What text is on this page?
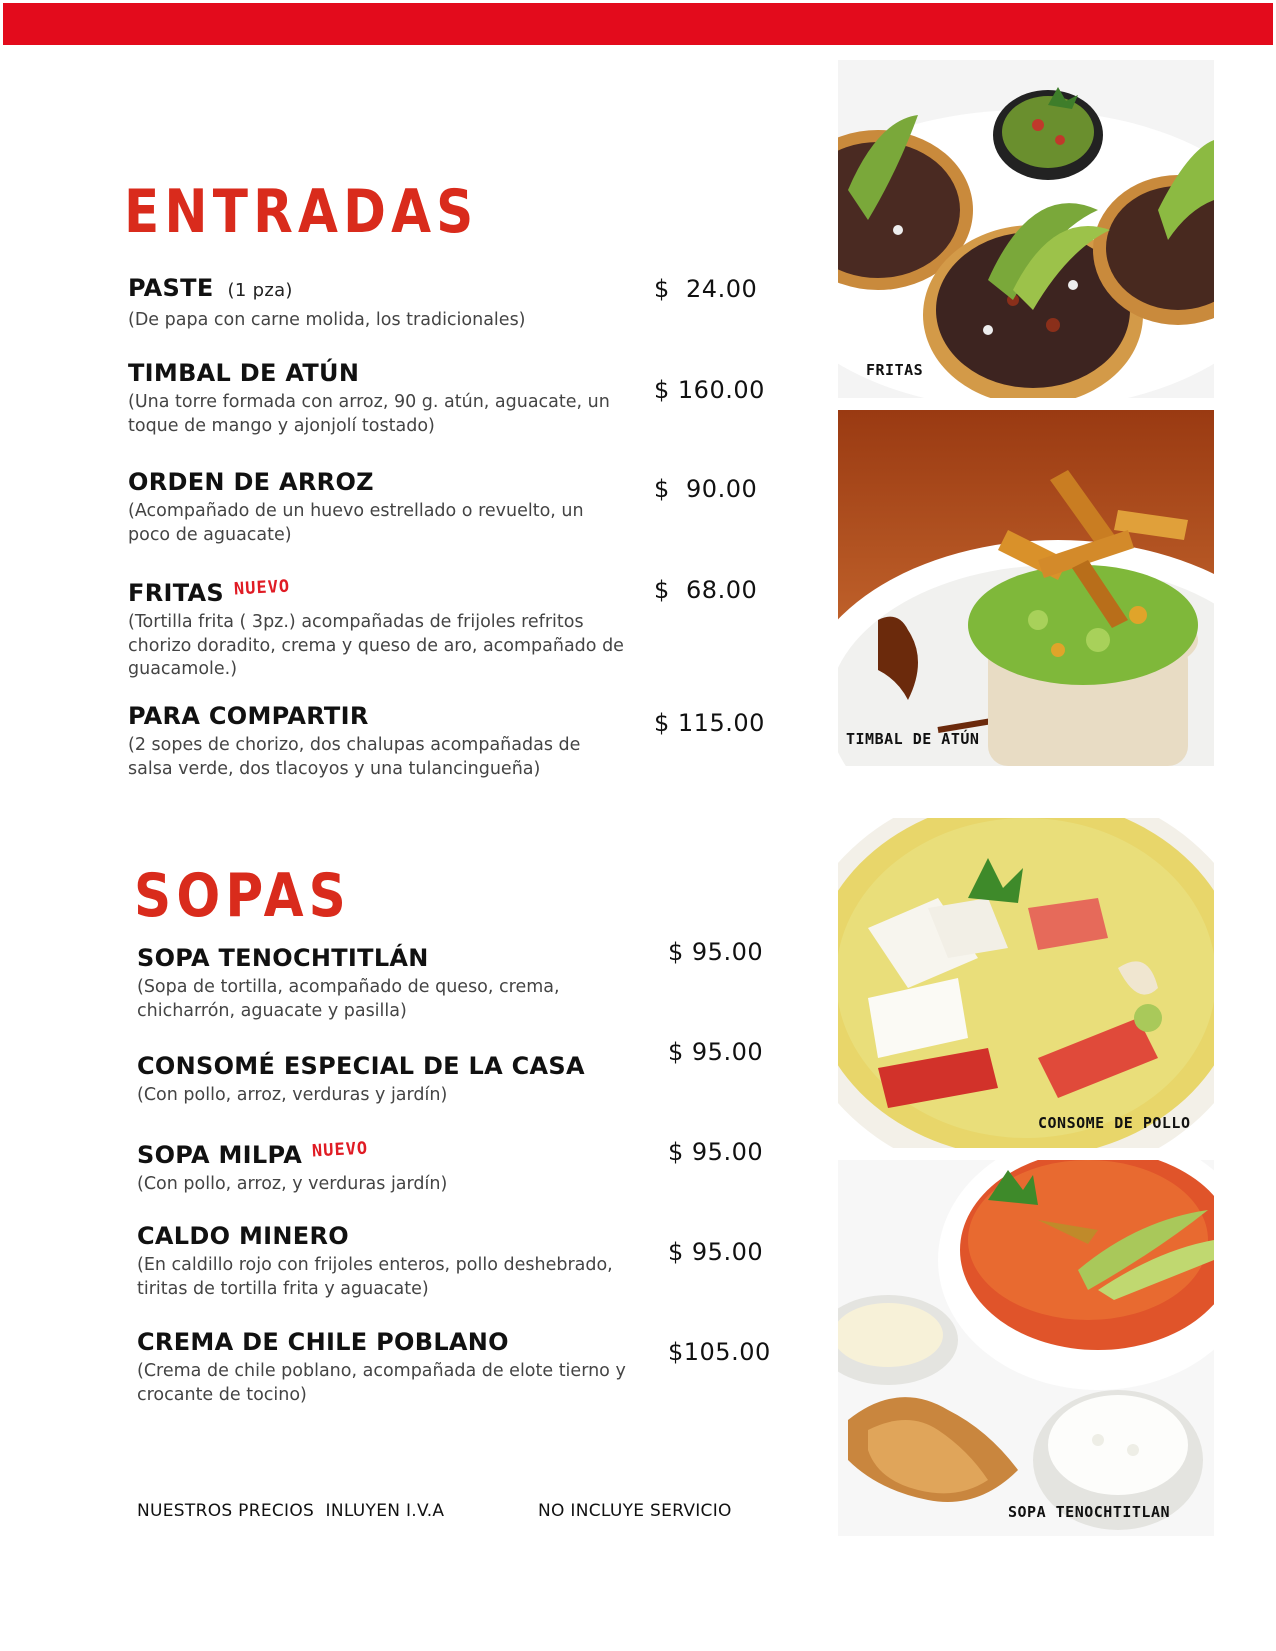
ENTRADAS
PASTE (1 pza)
(De papa con carne molida, los tradicionales)
$  24.00
TIMBAL DE ATÚN
(Una torre formada con arroz, 90 g. atún, aguacate, un toque de mango y ajonjolí tostado)
$ 160.00
ORDEN DE ARROZ
(Acompañado de un huevo estrellado o revuelto, un poco de aguacate)
$  90.00
FRITAS NUEVO
(Tortilla frita ( 3pz.) acompañadas de frijoles refritos chorizo doradito, crema y queso de aro, acompañado de guacamole.)
$  68.00
PARA COMPARTIR
(2 sopes de chorizo, dos chalupas acompañadas de salsa verde, dos tlacoyos y una tulancingueña)
$ 115.00
SOPAS
SOPA TENOCHTITLÁN
(Sopa de tortilla, acompañado de queso, crema, chicharrón, aguacate y pasilla)
$ 95.00
CONSOMÉ ESPECIAL DE LA CASA
(Con pollo, arroz, verduras y jardín)
$ 95.00
SOPA MILPA NUEVO
(Con pollo, arroz, y verduras jardín)
$ 95.00
CALDO MINERO
(En caldillo rojo con frijoles enteros, pollo deshebrado, tiritas de tortilla frita y aguacate)
$ 95.00
CREMA DE CHILE POBLANO
(Crema de chile poblano, acompañada de elote tierno y crocante de tocino)
$105.00
FRITAS
TIMBAL DE ATÚN
CONSOME DE POLLO
SOPA TENOCHTITLAN
NUESTROS PRECIOS  INLUYEN I.V.A	NO INCLUYE SERVICIO
